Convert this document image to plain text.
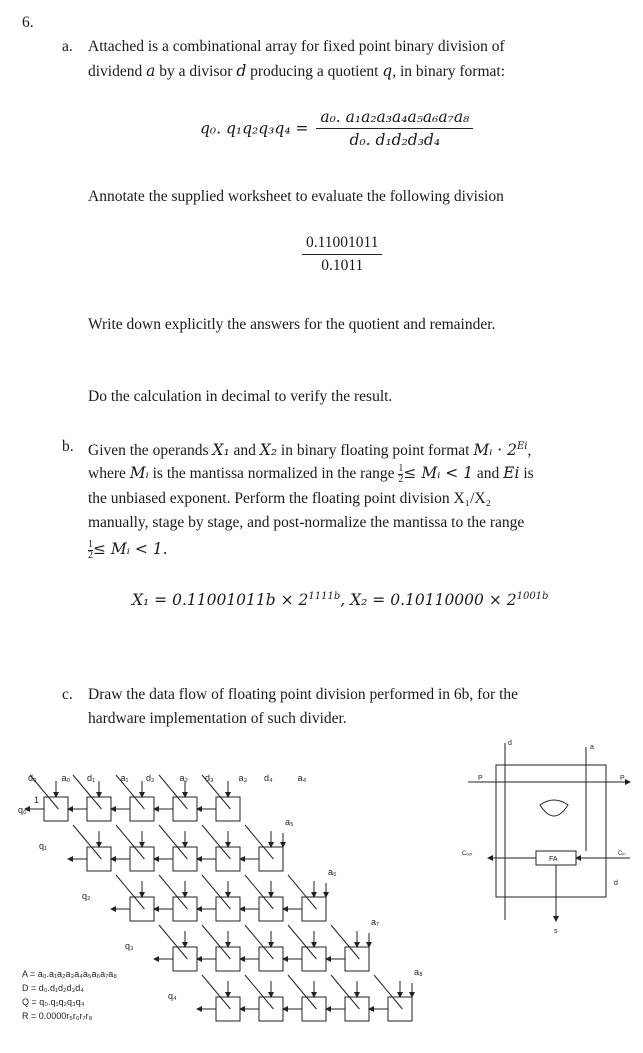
6.
a. Attached is a combinational array for fixed point binary division of
dividend a by a divisor d producing a quotient q, in binary format:
q₀. $q_1q_2q_3q_4 = \frac{\text{a₀. a₁a₂a₃a₄a₅a₆a₇a₈}}{\text{d₀. d₁d₂d₃d₄}}$
Annotate the supplied worksheet to evaluate the following division
$\frac{0.11001011}{0.1011}$
Write down explicitly the answers for the quotient and remainder.
Do the calculation in decimal to verify the result.
b. Given the operands X₁ and X₂ in binary floating point format Mᵢ · $2^{Ei}$,
where Mᵢ is the mantissa normalized in the range $\frac{1}{2}$ ≤ Mᵢ < 1 and Ei is
the unbiased exponent. Perform the floating point division X₁/X₂
manually, stage by stage, and post-normalize the mantissa to the range
$\frac{1}{2}$ ≤ Mᵢ < 1.
$X_1 = 0.11001011b \times 2^{1111b}$, $X_2 = 0.10110000 \times 2^{1001b}$
c. Draw the data flow of floating point division performed in 6b, for the
hardware implementation of such divider.
q₀
a₅
q₁
a₆
q₂
a₇
q₃
a₈
q₄
d₀	a₀ d₁	a₁ d₂	a₂ d₃	a₃ d₄	a₄
1
d
a
P	P
Cₒᵤₜ	Cᵢₙ
FA
s
d
A = a₀.a₁a₂a₃a₄a₅a₆a₇a₈
D = d₀.d₁d₂d₃d₄
Q = q₀.q₁q₂q₃q₄
R = 0.0000r₅r₆r₇r₈
